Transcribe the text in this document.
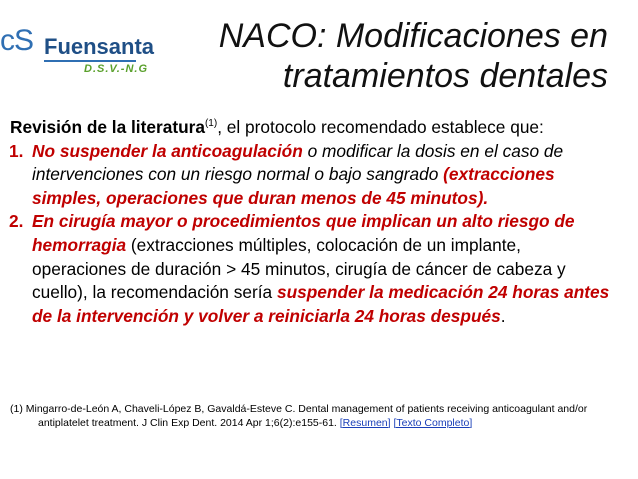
cS Fuensanta
D.S.V.-N.G
NACO: Modificaciones en
tratamientos dentales

Revisión de la literatura$^{(1)}$, el protocolo recomendado establece que:

1. No suspender la anticoagulación o modificar la dosis en el caso de intervenciones con un riesgo normal o bajo sangrado (extracciones simples, operaciones que duran menos de 45 minutos).

2. En cirugía mayor o procedimientos que implican un alto riesgo de hemorragia (extracciones múltiples, colocación de un implante, operaciones de duración > 45 minutos, cirugía de cáncer de cabeza y cuello), la recomendación sería suspender la medicación 24 horas antes de la intervención y volver a reiniciarla 24 horas después.

(1) Mingarro-de-León A, Chaveli-López B, Gavaldá-Esteve C. Dental management of patients receiving anticoagulant and/or antiplatelet treatment. J Clin Exp Dent. 2014 Apr 1;6(2):e155-61. [Resumen] [Texto Completo]
